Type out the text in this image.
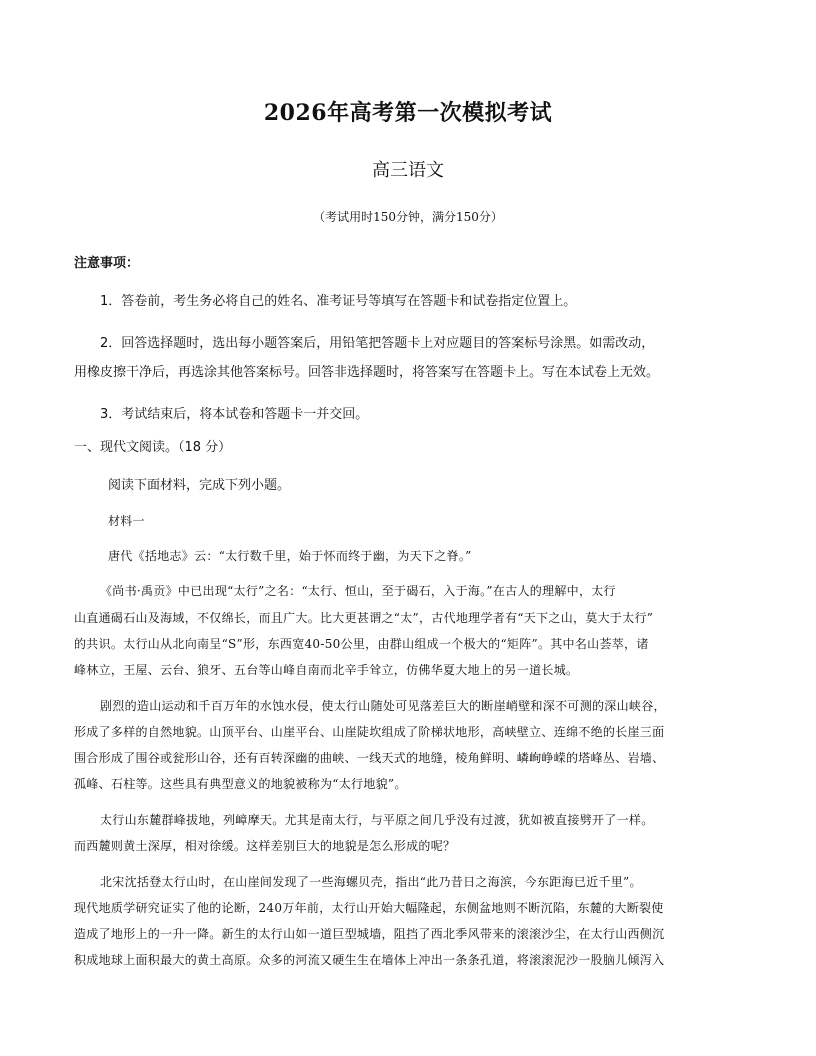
2026年高考第一次模拟考试
高三语文
（考试用时150分钟，满分150分）
注意事项：
1．答卷前，考生务必将自己的姓名、准考证号等填写在答题卡和试卷指定位置上。
2．回答选择题时，选出每小题答案后，用铅笔把答题卡上对应题目的答案标号涂黑。如需改动，
用橡皮擦干净后，再选涂其他答案标号。回答非选择题时，将答案写在答题卡上。写在本试卷上无效。
3．考试结束后，将本试卷和答题卡一并交回。
一、现代文阅读。（18 分）
阅读下面材料，完成下列小题。
材料一
唐代《括地志》云：“太行数千里，始于怀而终于幽，为天下之脊。”
《尚书·禹贡》中已出现“太行”之名：“太行、恒山，至于碣石，入于海。”在古人的理解中，太行
山直通碣石山及海域，不仅绵长，而且广大。比大更甚谓之“太”，古代地理学者有“天下之山，莫大于太行”
的共识。太行山从北向南呈“S”形，东西宽40-50公里，由群山组成一个极大的“矩阵”。其中名山荟萃，诸
峰林立，王屋、云台、狼牙、五台等山峰自南而北辛手耸立，仿佛华夏大地上的另一道长城。
剧烈的造山运动和千百万年的水蚀水侵，使太行山随处可见落差巨大的断崖峭壁和深不可测的深山峡谷，
形成了多样的自然地貌。山顶平台、山崖平台、山崖陡坎组成了阶梯状地形，高峡壁立、连绵不绝的长崖三面
围合形成了围谷或瓮形山谷，还有百转深幽的曲峡、一线天式的地缝，棱角鲜明、嶙峋峥嵘的塔峰丛、岩墙、
孤峰、石柱等。这些具有典型意义的地貌被称为“太行地貌”。
太行山东麓群峰拔地，列嶂摩天。尤其是南太行，与平原之间几乎没有过渡，犹如被直接劈开了一样。
而西麓则黄土深厚，相对徐缓。这样差别巨大的地貌是怎么形成的呢？
北宋沈括登太行山时，在山崖间发现了一些海螺贝壳，指出“此乃昔日之海滨，今东距海已近千里”。
现代地质学研究证实了他的论断，240万年前，太行山开始大幅隆起，东侧盆地则不断沉陷，东麓的大断裂使
造成了地形上的一升一降。新生的太行山如一道巨型城墙，阻挡了西北季风带来的滚滚沙尘，在太行山西侧沉
积成地球上面积最大的黄土高原。众多的河流又硬生生在墙体上冲出一条条孔道，将滚滚泥沙一股脑儿倾泻入
